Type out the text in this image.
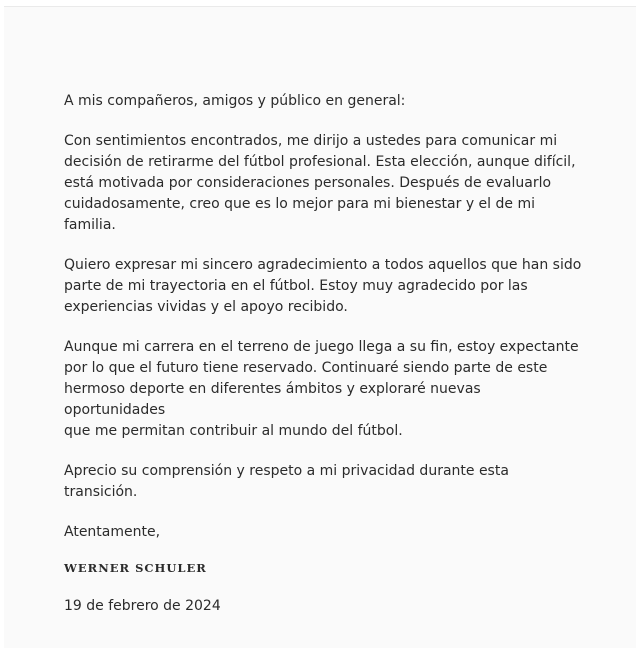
A mis compañeros, amigos y público en general:

Con sentimientos encontrados, me dirijo a ustedes para comunicar mi
decisión de retirarme del fútbol profesional. Esta elección, aunque difícil,
está motivada por consideraciones personales. Después de evaluarlo
cuidadosamente, creo que es lo mejor para mi bienestar y el de mi
familia.

Quiero expresar mi sincero agradecimiento a todos aquellos que han sido
parte de mi trayectoria en el fútbol. Estoy muy agradecido por las
experiencias vividas y el apoyo recibido.

Aunque mi carrera en el terreno de juego llega a su fin, estoy expectante
por lo que el futuro tiene reservado. Continuaré siendo parte de este
hermoso deporte en diferentes ámbitos y exploraré nuevas oportunidades
que me permitan contribuir al mundo del fútbol.

Aprecio su comprensión y respeto a mi privacidad durante esta transición.

Atentamente,

WERNER SCHULER

19 de febrero de 2024
